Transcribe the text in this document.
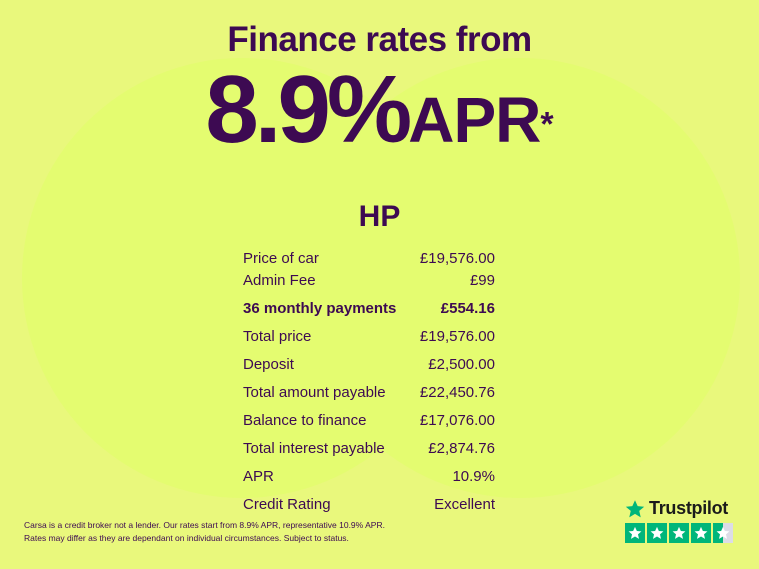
Finance rates from
8.9%APR*
HP
Price of car	£19,576.00
Admin Fee	£99
36 monthly payments	£554.16
Total price	£19,576.00
Deposit	£2,500.00
Total amount payable £22,450.76
Balance to finance	£17,076.00
Total interest payable	£2,874.76
APR	10.9%
Credit Rating	Excellent
Carsa is a credit broker not a lender. Our rates start from 8.9% APR, representative 10.9% APR.
Rates may differ as they are dependant on individual circumstances. Subject to status.
Trustpilot
